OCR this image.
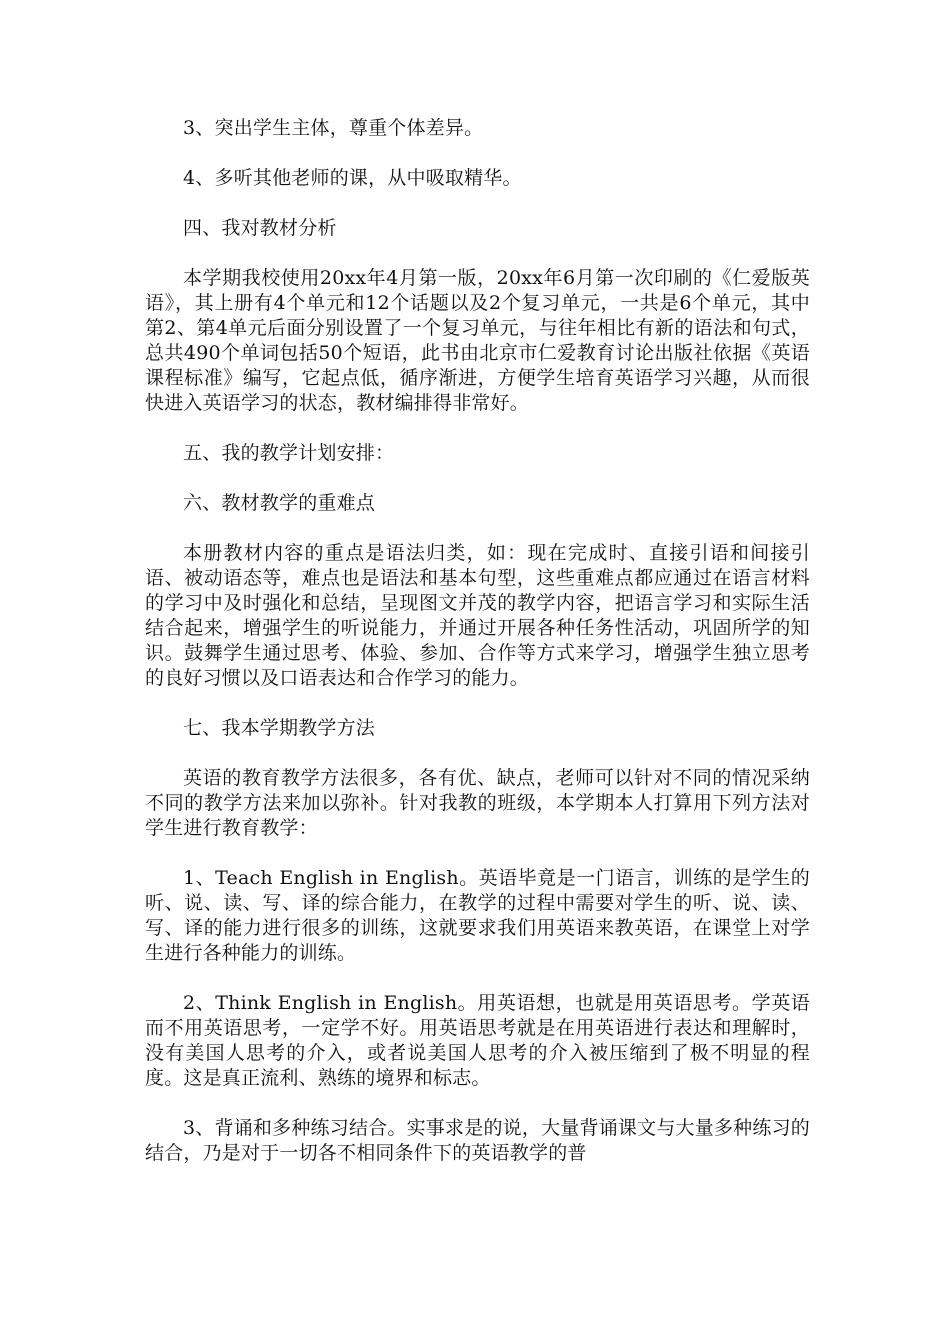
3、突出学生主体，尊重个体差异。

4、多听其他老师的课，从中吸取精华。

四、我对教材分析

本学期我校使用20xx年4月第一版，20xx年6月第一次印刷的《仁爱版英语》，其上册有4个单元和12个话题以及2个复习单元，一共是6个单元，其中第2、第4单元后面分别设置了一个复习单元，与往年相比有新的语法和句式，总共490个单词包括50个短语，此书由北京市仁爱教育讨论出版社依据《英语课程标准》编写，它起点低，循序渐进，方便学生培育英语学习兴趣，从而很快进入英语学习的状态，教材编排得非常好。

五、我的教学计划安排：

六、教材教学的重难点

本册教材内容的重点是语法归类，如：现在完成时、直接引语和间接引语、被动语态等，难点也是语法和基本句型，这些重难点都应通过在语言材料的学习中及时强化和总结，呈现图文并茂的教学内容，把语言学习和实际生活结合起来，增强学生的听说能力，并通过开展各种任务性活动，巩固所学的知识。鼓舞学生通过思考、体验、参加、合作等方式来学习，增强学生独立思考的良好习惯以及口语表达和合作学习的能力。

七、我本学期教学方法

英语的教育教学方法很多，各有优、缺点，老师可以针对不同的情况采纳不同的教学方法来加以弥补。针对我教的班级，本学期本人打算用下列方法对学生进行教育教学：

1、Teach English in English。英语毕竟是一门语言，训练的是学生的听、说、读、写、译的综合能力，在教学的过程中需要对学生的听、说、读、写、译的能力进行很多的训练，这就要求我们用英语来教英语，在课堂上对学生进行各种能力的训练。

2、Think English in English。用英语想，也就是用英语思考。学英语而不用英语思考，一定学不好。用英语思考就是在用英语进行表达和理解时，没有美国人思考的介入，或者说美国人思考的介入被压缩到了极不明显的程度。这是真正流利、熟练的境界和标志。

3、背诵和多种练习结合。实事求是的说，大量背诵课文与大量多种练习的结合，乃是对于一切各不相同条件下的英语教学的普
